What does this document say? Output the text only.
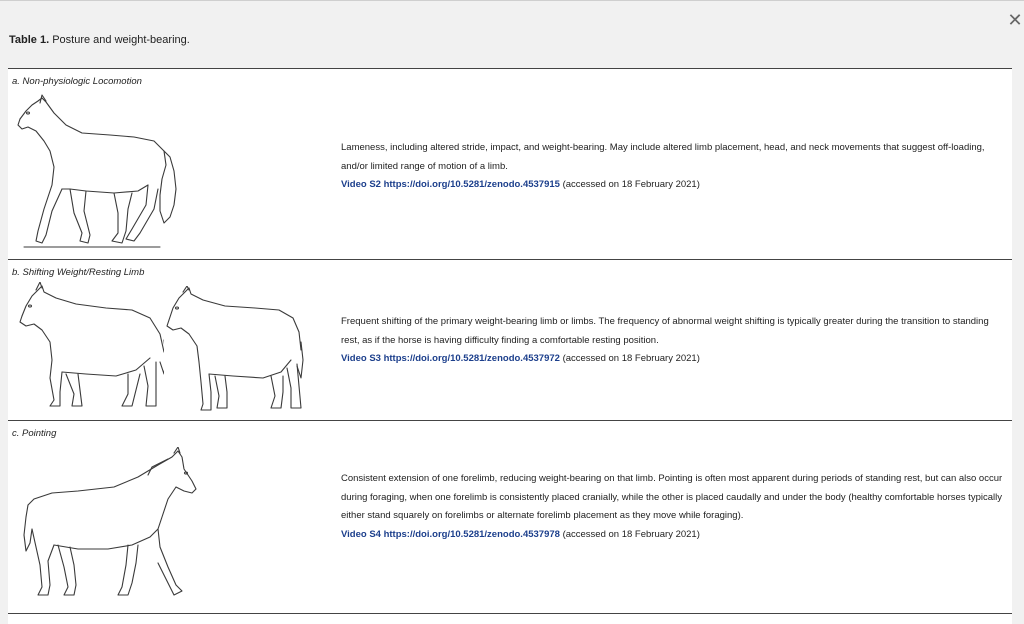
✕
Table 1. Posture and weight-bearing.
a. Non-physiologic Locomotion
Lameness, including altered stride, impact, and weight-bearing. May include altered limb placement, head, and neck movements that suggest off-loading, and/or limited range of motion of a limb.
Video S2 https://doi.org/10.5281/zenodo.4537915 (accessed on 18 February 2021)
b. Shifting Weight/Resting Limb
Frequent shifting of the primary weight-bearing limb or limbs. The frequency of abnormal weight shifting is typically greater during the transition to standing rest, as if the horse is having difficulty finding a comfortable resting position.
Video S3 https://doi.org/10.5281/zenodo.4537972 (accessed on 18 February 2021)
c. Pointing
Consistent extension of one forelimb, reducing weight-bearing on that limb. Pointing is often most apparent during periods of standing rest, but can also occur during foraging, when one forelimb is consistently placed cranially, while the other is placed caudally and under the body (healthy comfortable horses typically either stand squarely on forelimbs or alternate forelimb placement as they move while foraging).
Video S4 https://doi.org/10.5281/zenodo.4537978 (accessed on 18 February 2021)
